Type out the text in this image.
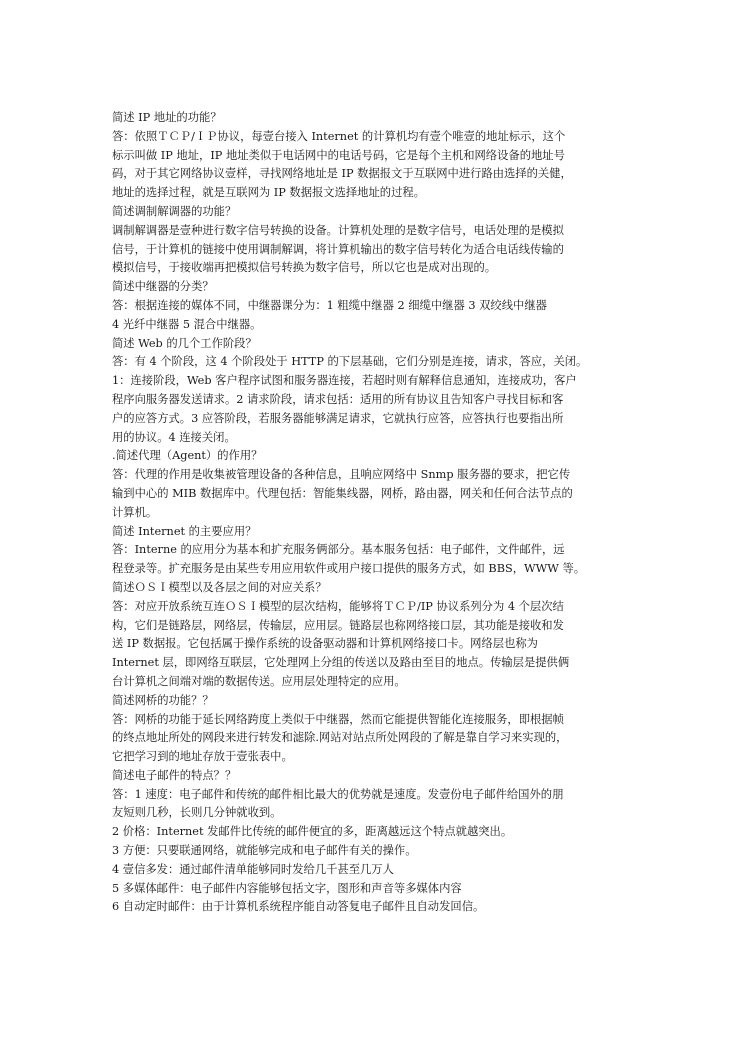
简述 IP 地址的功能？
答：依照ＴＣＰ/ＩＰ协议，每壹台接入 Internet 的计算机均有壹个唯壹的地址标示，这个
标示叫做 IP 地址，IP 地址类似于电话网中的电话号码，它是每个主机和网络设备的地址号
码，对于其它网络协议壹样，寻找网络地址是 IP 数据报文于互联网中进行路由选择的关健，
地址的选择过程，就是互联网为 IP 数据报文选择地址的过程。
简述调制解调器的功能？
调制解调器是壹种进行数字信号转换的设备。计算机处理的是数字信号，电话处理的是模拟
信号，于计算机的链接中使用调制解调，将计算机输出的数字信号转化为适合电话线传输的
模拟信号，于接收端再把模拟信号转换为数字信号，所以它也是成对出现的。
简述中继器的分类？
答：根据连接的媒体不同，中继器课分为：1 粗缆中继器 2 细缆中继器 3 双绞线中继器
4 光纤中继器 5 混合中继器。
简述 Web 的几个工作阶段？
答：有 4 个阶段，这 4 个阶段处于 HTTP 的下层基础，它们分别是连接，请求，答应，关闭。
1：连接阶段，Web 客户程序试图和服务器连接，若超时则有解释信息通知，连接成功，客户
程序向服务器发送请求。2 请求阶段，请求包括：适用的所有协议且告知客户寻找目标和客
户的应答方式。3 应答阶段，若服务器能够满足请求，它就执行应答，应答执行也要指出所
用的协议。4 连接关闭。
.简述代理（Agent）的作用？
答：代理的作用是收集被管理设备的各种信息，且响应网络中 Snmp 服务器的要求，把它传
输到中心的 MIB 数据库中。代理包括：智能集线器，网桥，路由器，网关和任何合法节点的
计算机。
简述 Internet 的主要应用？
答：Interne 的应用分为基本和扩充服务俩部分。基本服务包括：电子邮件，文件邮件，远
程登录等。扩充服务是由某些专用应用软件或用户接口提供的服务方式，如 BBS，WWW 等。
简述ＯＳＩ模型以及各层之间的对应关系？
答：对应开放系统互连ＯＳＩ模型的层次结构，能够将ＴＣＰ/IP 协议系列分为 4 个层次结
构，它们是链路层，网络层，传输层，应用层。链路层也称网络接口层，其功能是接收和发
送 IP 数据报。它包括属于操作系统的设备驱动器和计算机网络接口卡。网络层也称为
Internet 层，即网络互联层，它处理网上分组的传送以及路由至目的地点。传输层是提供俩
台计算机之间端对端的数据传送。应用层处理特定的应用。
简述网桥的功能？？
答：网桥的功能于延长网络跨度上类似于中继器，然而它能提供智能化连接服务，即根据帧
的终点地址所处的网段来进行转发和滤除.网站对站点所处网段的了解是靠自学习来实现的，
它把学习到的地址存放于壹张表中。
简述电子邮件的特点？？
答：1 速度：电子邮件和传统的邮件相比最大的优势就是速度。发壹份电子邮件给国外的朋
友短则几秒，长则几分钟就收到。
2 价格：Internet 发邮件比传统的邮件便宜的多，距离越远这个特点就越突出。
3 方便：只要联通网络，就能够完成和电子邮件有关的操作。
4 壹信多发：通过邮件清单能够同时发给几千甚至几万人
5 多媒体邮件：电子邮件内容能够包括文字，图形和声音等多媒体内容
6 自动定时邮件：由于计算机系统程序能自动答复电子邮件且自动发回信。
